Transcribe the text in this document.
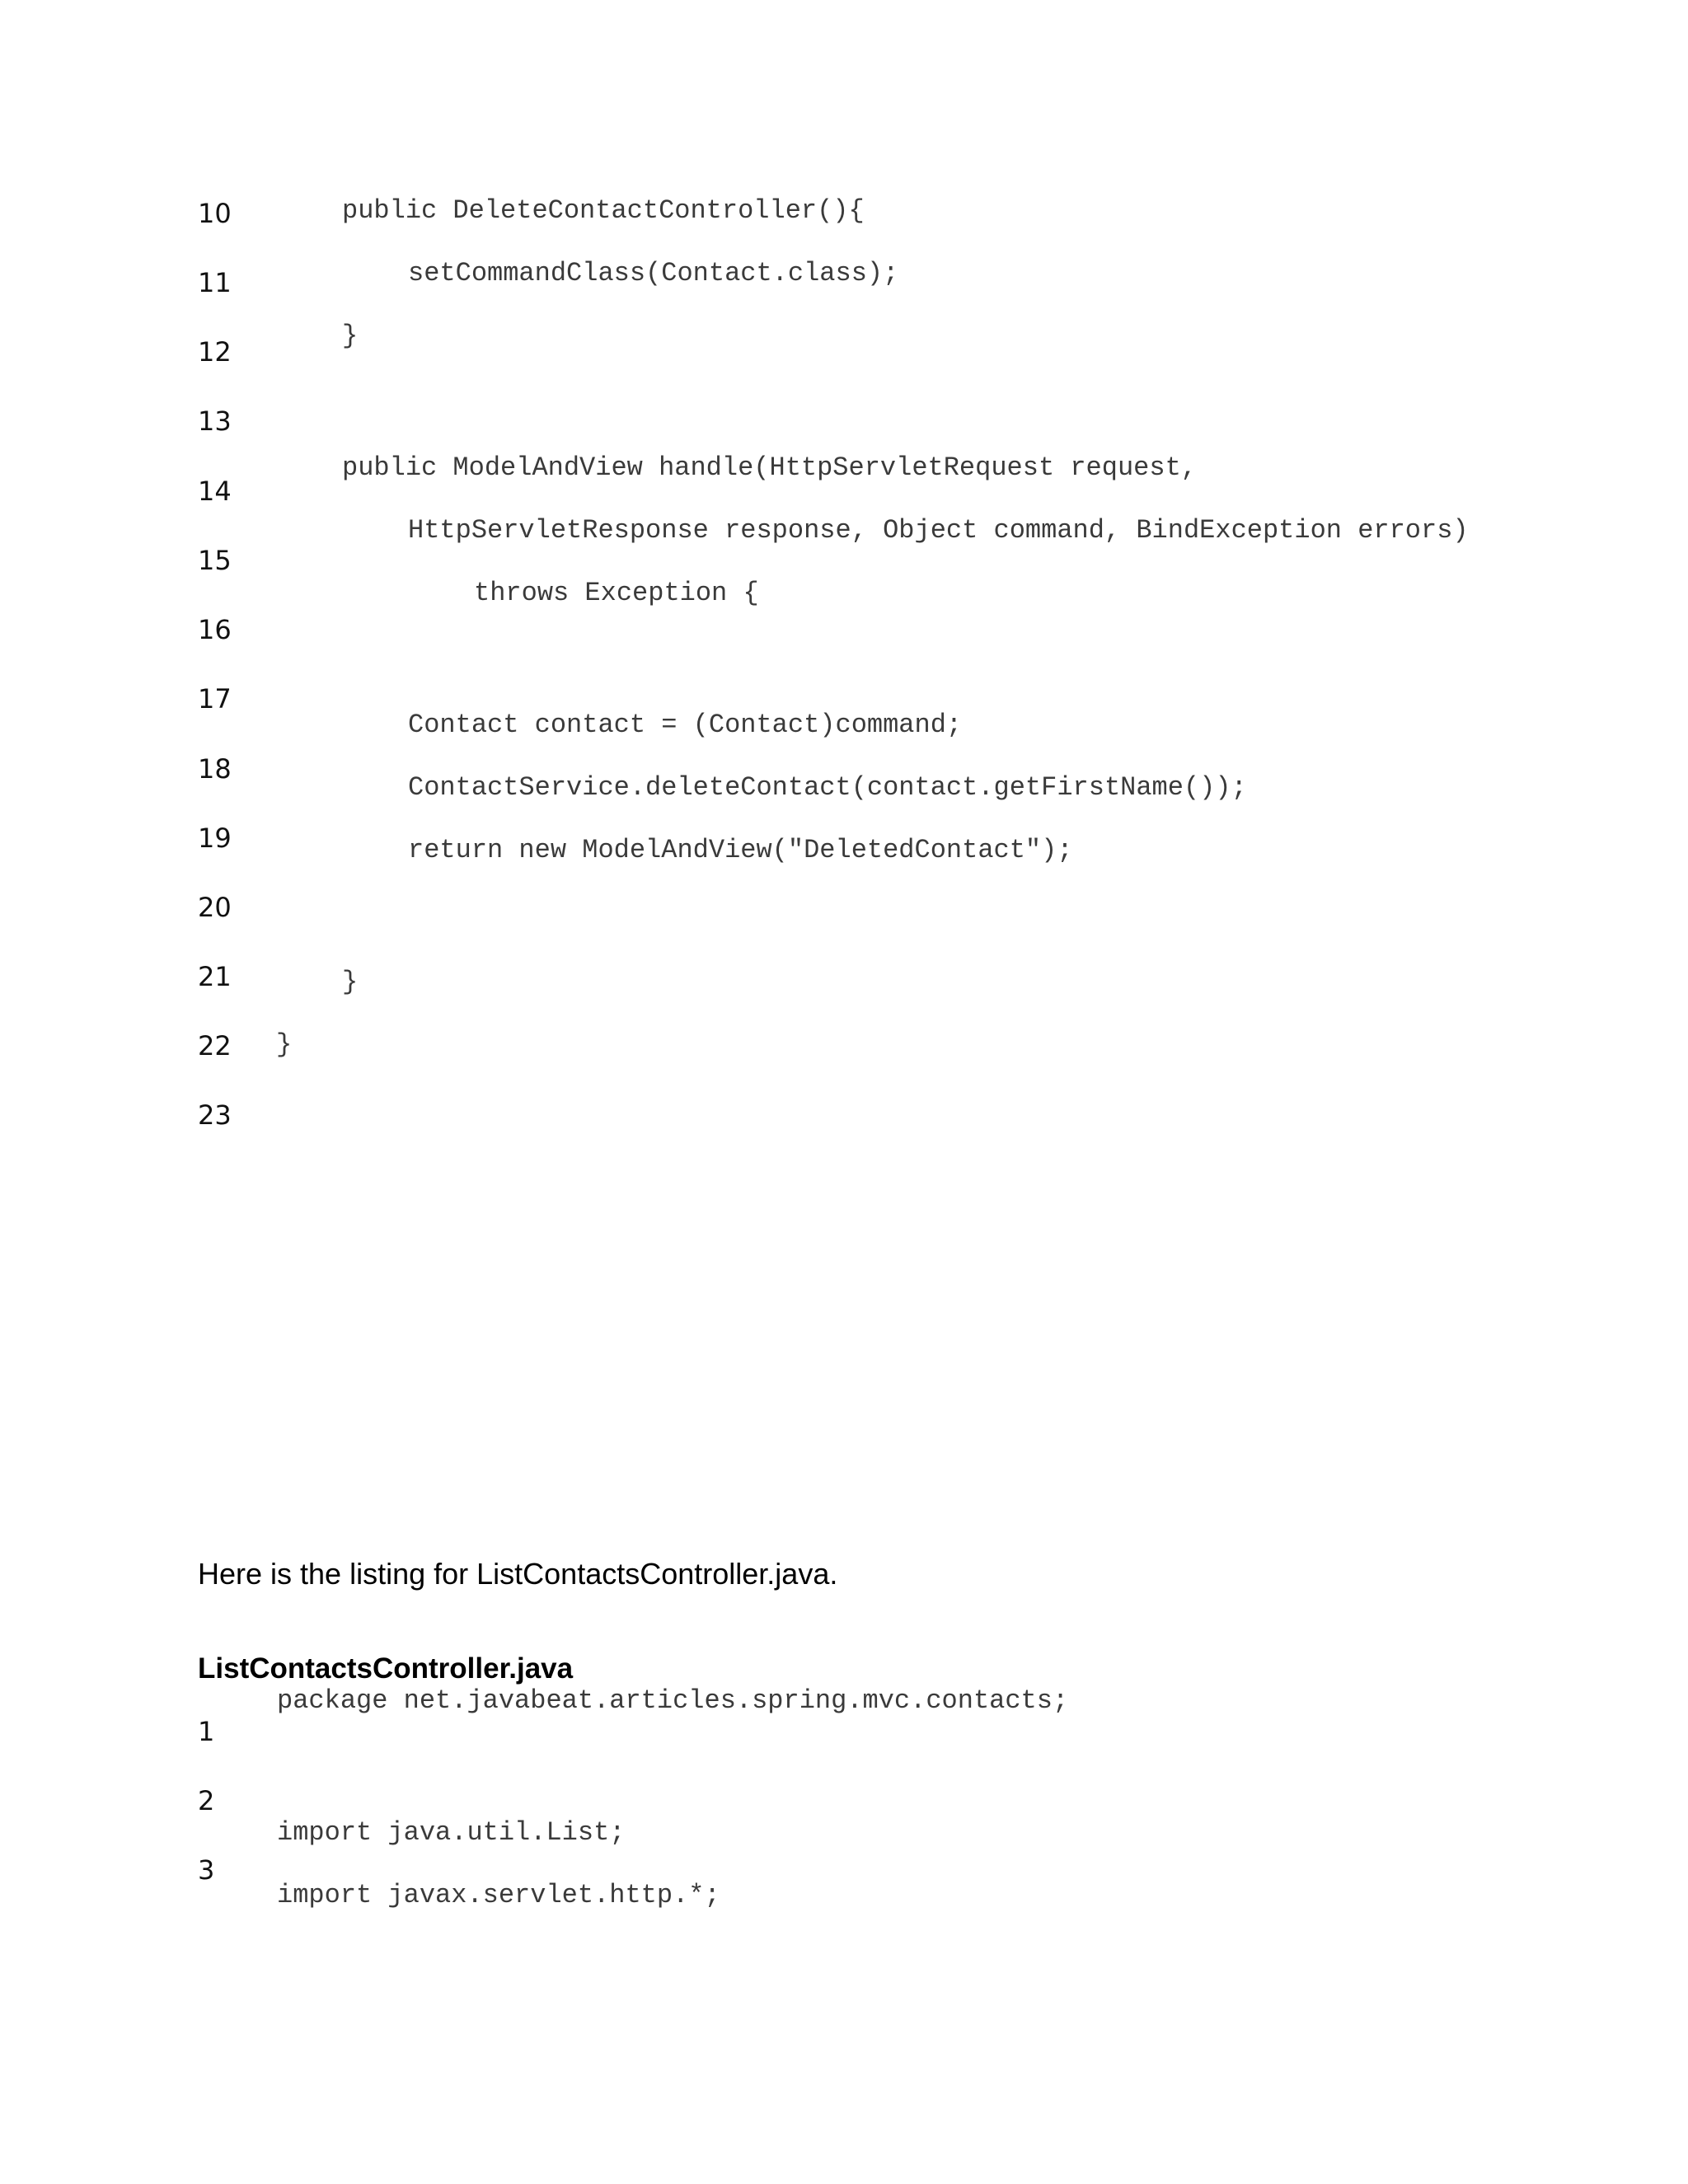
10
11
12
13
14
15
16
17
18
19
20
21
22
23
public DeleteContactController(){
setCommandClass(Contact.class);
}
public ModelAndView handle(HttpServletRequest request,
HttpServletResponse response, Object command, BindException errors)
throws Exception {
Contact contact = (Contact)command;
ContactService.deleteContact(contact.getFirstName());
return new ModelAndView("DeletedContact");
}
}
Here is the listing for ListContactsController.java.
ListContactsController.java
1
2
3
package net.javabeat.articles.spring.mvc.contacts;
import java.util.List;
import javax.servlet.http.*;
